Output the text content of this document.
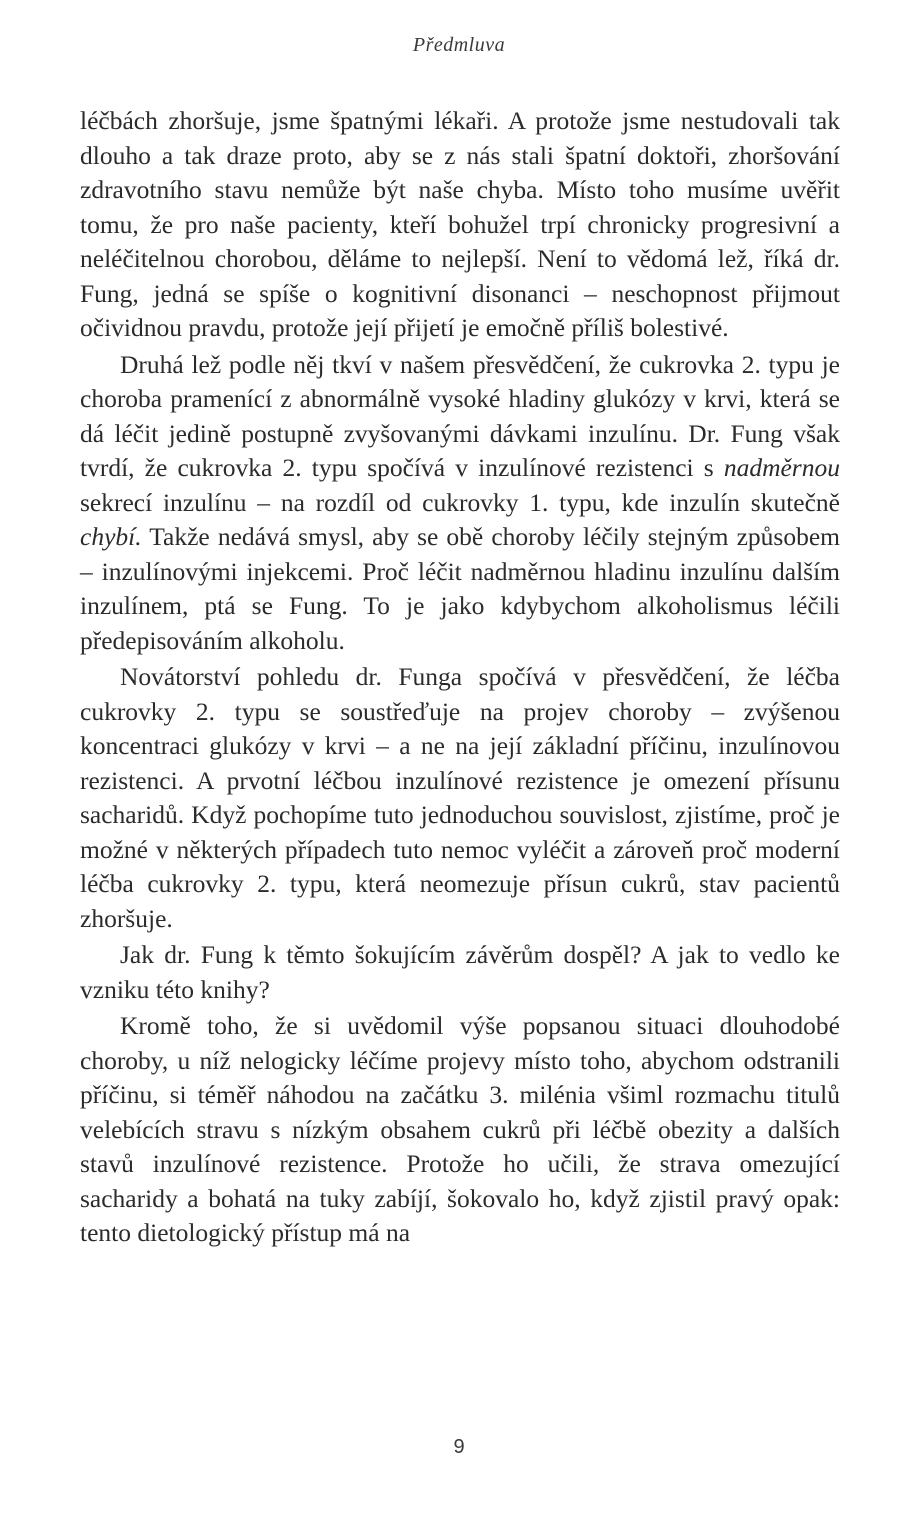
Předmluva

léčbách zhoršuje, jsme špatnými lékaři. A protože jsme nestudovali tak dlouho a tak draze proto, aby se z nás stali špatní doktoři, zhoršování zdravotního stavu nemůže být naše chyba. Místo toho musíme uvěřit tomu, že pro naše pacienty, kteří bohužel trpí chronicky progresivní a neléčitelnou chorobou, děláme to nejlepší. Není to vědomá lež, říká dr. Fung, jedná se spíše o kognitivní disonanci – neschopnost přijmout očividnou pravdu, protože její přijetí je emočně příliš bolestivé.

Druhá lež podle něj tkví v našem přesvědčení, že cukrovka 2. typu je choroba pramenící z abnormálně vysoké hladiny glukózy v krvi, která se dá léčit jedině postupně zvyšovanými dávkami inzulínu. Dr. Fung však tvrdí, že cukrovka 2. typu spočívá v inzulínové rezistenci s nadměrnou sekrecí inzulínu – na rozdíl od cukrovky 1. typu, kde inzulín skutečně chybí. Takže nedává smysl, aby se obě choroby léčily stejným způsobem – inzulínovými injekcemi. Proč léčit nadměrnou hladinu inzulínu dalším inzulínem, ptá se Fung. To je jako kdybychom alkoholismus léčili předepisováním alkoholu.

Novátorství pohledu dr. Funga spočívá v přesvědčení, že léčba cukrovky 2. typu se soustřeďuje na projev choroby – zvýšenou koncentraci glukózy v krvi – a ne na její základní příčinu, inzulínovou rezistenci. A prvotní léčbou inzulínové rezistence je omezení přísunu sacharidů. Když pochopíme tuto jednoduchou souvislost, zjistíme, proč je možné v některých případech tuto nemoc vyléčit a zároveň proč moderní léčba cukrovky 2. typu, která neomezuje přísun cukrů, stav pacientů zhoršuje.

Jak dr. Fung k těmto šokujícím závěrům dospěl? A jak to vedlo ke vzniku této knihy?

Kromě toho, že si uvědomil výše popsanou situaci dlouhodobé choroby, u níž nelogicky léčíme projevy místo toho, abychom odstranili příčinu, si téměř náhodou na začátku 3. milénia všiml rozmachu titulů velebících stravu s nízkým obsahem cukrů při léčbě obezity a dalších stavů inzulínové rezistence. Protože ho učili, že strava omezující sacharidy a bohatá na tuky zabíjí, šokovalo ho, když zjistil pravý opak: tento dietologický přístup má na

9
